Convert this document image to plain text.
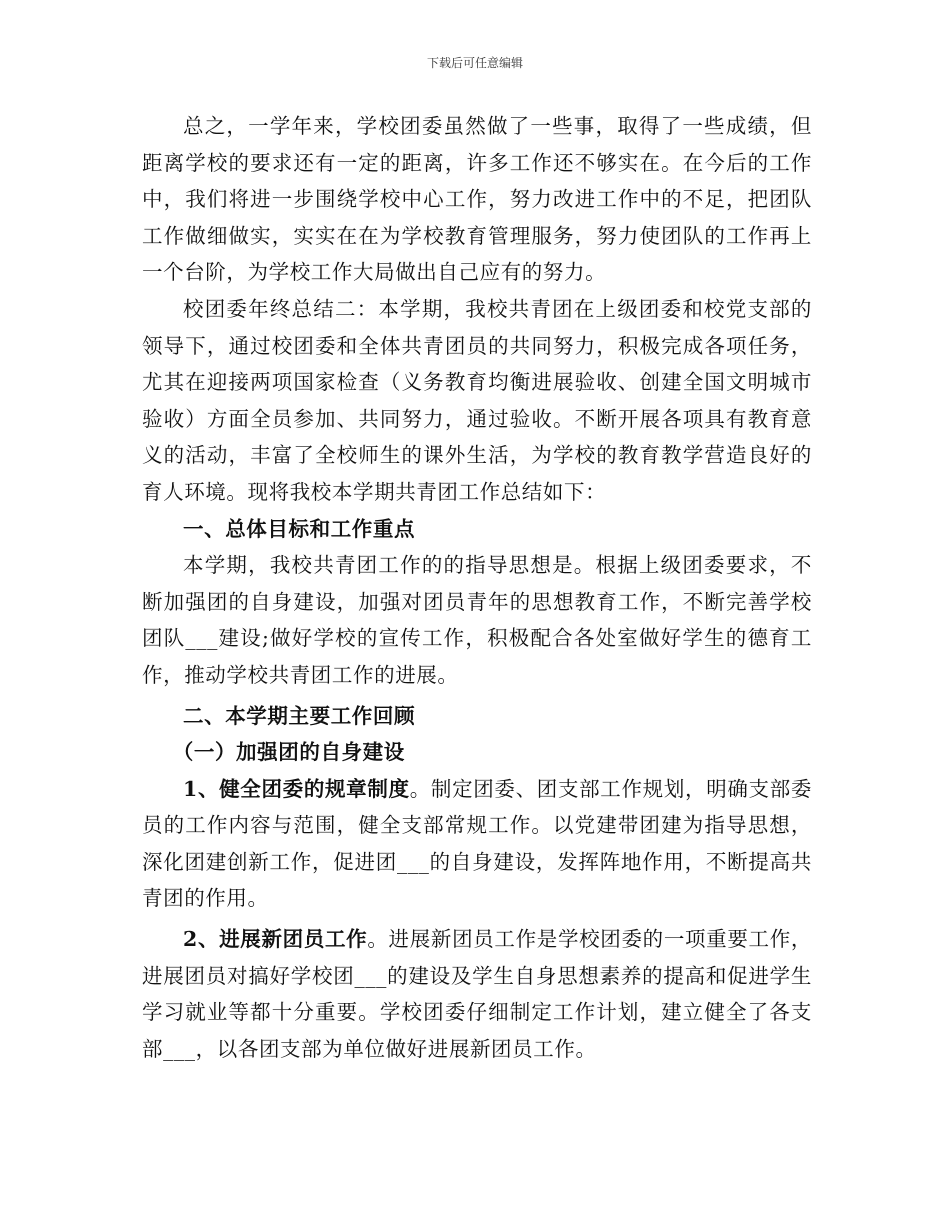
下载后可任意编辑

总之，一学年来，学校团委虽然做了一些事，取得了一些成绩，但距离学校的要求还有一定的距离，许多工作还不够实在。在今后的工作中，我们将进一步围绕学校中心工作，努力改进工作中的不足，把团队工作做细做实，实实在在为学校教育管理服务，努力使团队的工作再上一个台阶，为学校工作大局做出自己应有的努力。

校团委年终总结二：本学期，我校共青团在上级团委和校党支部的领导下，通过校团委和全体共青团员的共同努力，积极完成各项任务，尤其在迎接两项国家检查（义务教育均衡进展验收、创建全国文明城市验收）方面全员参加、共同努力，通过验收。不断开展各项具有教育意义的活动，丰富了全校师生的课外生活，为学校的教育教学营造良好的育人环境。现将我校本学期共青团工作总结如下：

一、总体目标和工作重点

本学期，我校共青团工作的的指导思想是。根据上级团委要求，不断加强团的自身建设，加强对团员青年的思想教育工作，不断完善学校团队___建设;做好学校的宣传工作，积极配合各处室做好学生的德育工作，推动学校共青团工作的进展。

二、本学期主要工作回顾

（一）加强团的自身建设

1、健全团委的规章制度。制定团委、团支部工作规划，明确支部委员的工作内容与范围，健全支部常规工作。以党建带团建为指导思想，深化团建创新工作，促进团___的自身建设，发挥阵地作用，不断提高共青团的作用。

2、进展新团员工作。进展新团员工作是学校团委的一项重要工作，进展团员对搞好学校团___的建设及学生自身思想素养的提高和促进学生学习就业等都十分重要。学校团委仔细制定工作计划，建立健全了各支部___，以各团支部为单位做好进展新团员工作。
